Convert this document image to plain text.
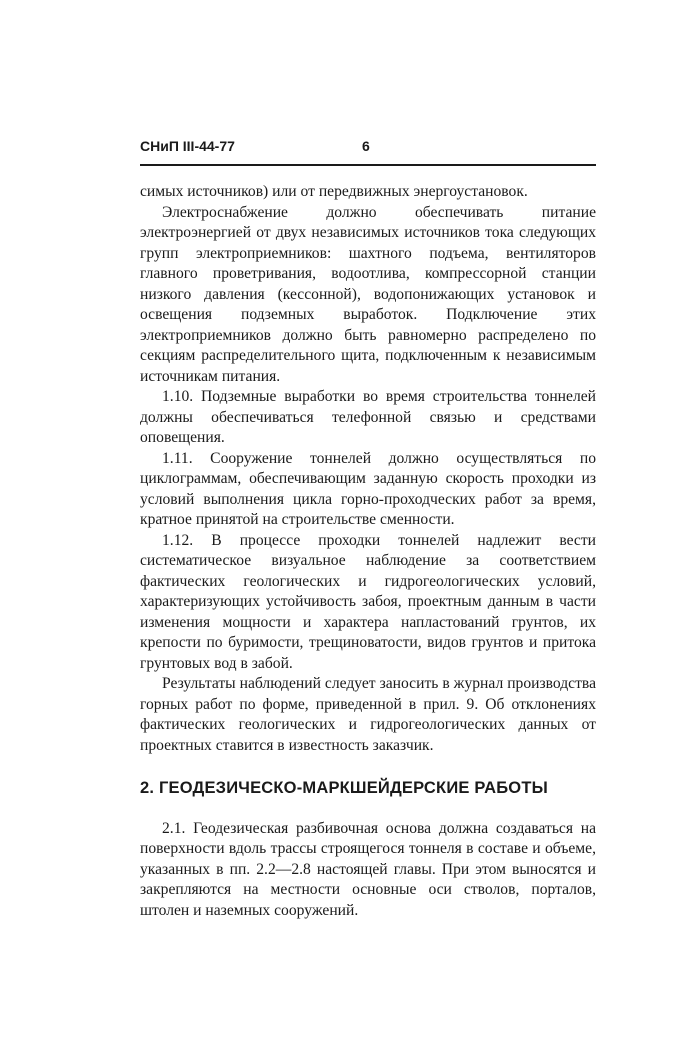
СНиП III-44-77	6

симых источников) или от передвижных энергоустановок.

Электроснабжение должно обеспечивать питание электроэнергией от двух независимых источников тока следующих групп электроприемников: шахтного подъема, вентиляторов главного проветривания, водоотлива, компрессорной станции низкого давления (кессонной), водопонижающих установок и освещения подземных выработок. Подключение этих электроприемников должно быть равномерно распределено по секциям распределительного щита, подключенным к независимым источникам питания.

1.10. Подземные выработки во время строительства тоннелей должны обеспечиваться телефонной связью и средствами оповещения.

1.11. Сооружение тоннелей должно осуществляться по циклограммам, обеспечивающим заданную скорость проходки из условий выполнения цикла горно-проходческих работ за время, кратное принятой на строительстве сменности.

1.12. В процессе проходки тоннелей надлежит вести систематическое визуальное наблюдение за соответствием фактических геологических и гидрогеологических условий, характеризующих устойчивость забоя, проектным данным в части изменения мощности и характера напластований грунтов, их крепости по буримости, трещиноватости, видов грунтов и притока грунтовых вод в забой.

Результаты наблюдений следует заносить в журнал производства горных работ по форме, приведенной в прил. 9. Об отклонениях фактических геологических и гидрогеологических данных от проектных ставится в известность заказчик.

2. ГЕОДЕЗИЧЕСКО-МАРКШЕЙДЕРСКИЕ РАБОТЫ

2.1. Геодезическая разбивочная основа должна создаваться на поверхности вдоль трассы строящегося тоннеля в составе и объеме, указанных в пп. 2.2—2.8 настоящей главы. При этом выносятся и закрепляются на местности основные оси стволов, порталов, штолен и наземных сооружений.
